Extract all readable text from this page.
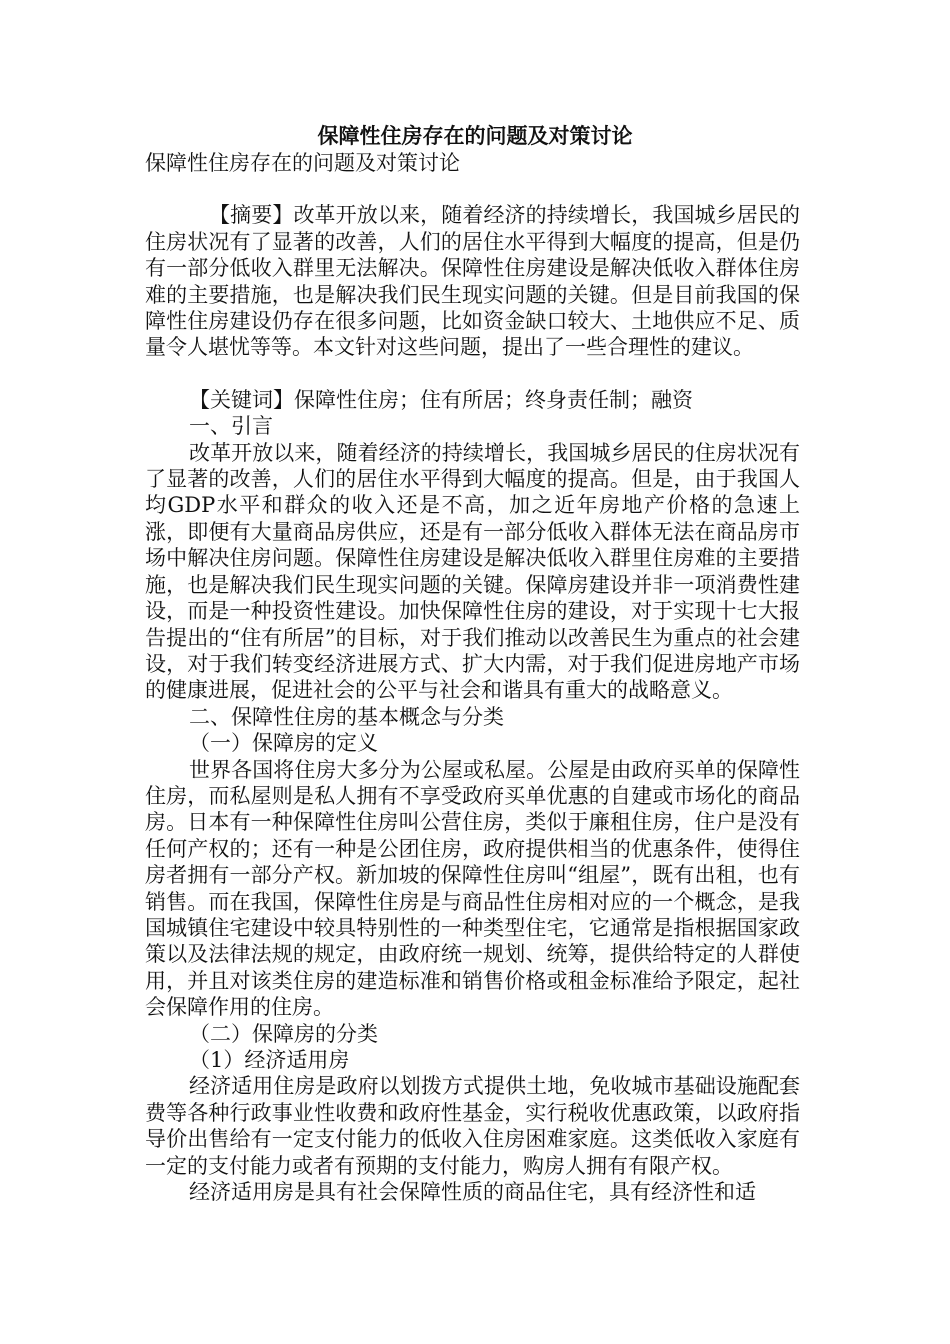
保障性住房存在的问题及对策讨论

保障性住房存在的问题及对策讨论

【摘要】改革开放以来，随着经济的持续增长，我国城乡居民的住房状况有了显著的改善，人们的居住水平得到大幅度的提高，但是仍有一部分低收入群里无法解决。保障性住房建设是解决低收入群体住房难的主要措施，也是解决我们民生现实问题的关键。但是目前我国的保障性住房建设仍存在很多问题，比如资金缺口较大、土地供应不足、质量令人堪忧等等。本文针对这些问题，提出了一些合理性的建议。

【关键词】保障性住房；住有所居；终身责任制；融资

一、引言

改革开放以来，随着经济的持续增长，我国城乡居民的住房状况有了显著的改善，人们的居住水平得到大幅度的提高。但是，由于我国人均GDP水平和群众的收入还是不高，加之近年房地产价格的急速上涨，即便有大量商品房供应，还是有一部分低收入群体无法在商品房市场中解决住房问题。保障性住房建设是解决低收入群里住房难的主要措施，也是解决我们民生现实问题的关键。保障房建设并非一项消费性建设，而是一种投资性建设。加快保障性住房的建设，对于实现十七大报告提出的“住有所居”的目标，对于我们推动以改善民生为重点的社会建设，对于我们转变经济进展方式、扩大内需，对于我们促进房地产市场的健康进展，促进社会的公平与社会和谐具有重大的战略意义。

二、保障性住房的基本概念与分类

（一）保障房的定义

世界各国将住房大多分为公屋或私屋。公屋是由政府买单的保障性住房，而私屋则是私人拥有不享受政府买单优惠的自建或市场化的商品房。日本有一种保障性住房叫公营住房，类似于廉租住房，住户是没有任何产权的；还有一种是公团住房，政府提供相当的优惠条件，使得住房者拥有一部分产权。新加坡的保障性住房叫“组屋”，既有出租，也有销售。而在我国，保障性住房是与商品性住房相对应的一个概念，是我国城镇住宅建设中较具特别性的一种类型住宅，它通常是指根据国家政策以及法律法规的规定，由政府统一规划、统筹，提供给特定的人群使用，并且对该类住房的建造标准和销售价格或租金标准给予限定，起社会保障作用的住房。

（二）保障房的分类

（1）经济适用房

经济适用住房是政府以划拨方式提供土地，免收城市基础设施配套费等各种行政事业性收费和政府性基金，实行税收优惠政策，以政府指导价出售给有一定支付能力的低收入住房困难家庭。这类低收入家庭有一定的支付能力或者有预期的支付能力，购房人拥有有限产权。

经济适用房是具有社会保障性质的商品住宅，具有经济性和适
